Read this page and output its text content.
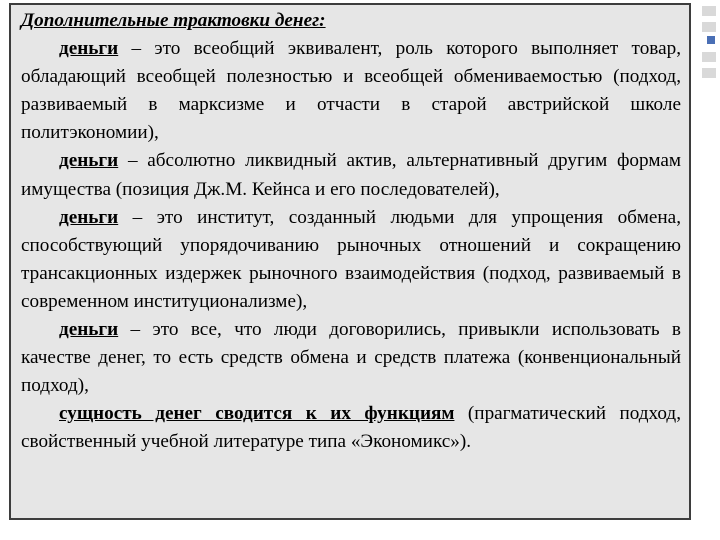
Дополнительные трактовки денег:

деньги – это всеобщий эквивалент, роль которого выполняет товар, обладающий всеобщей полезностью и всеобщей обмениваемостью (подход, развиваемый в марксизме и отчасти в старой австрийской школе политэкономии),

деньги – абсолютно ликвидный актив, альтернативный другим формам имущества (позиция Дж.М. Кейнса и его последователей),

деньги – это институт, созданный людьми для упрощения обмена, способствующий упорядочиванию рыночных отношений и сокращению трансакционных издержек рыночного взаимодействия (подход, развиваемый в современном институционализме),

деньги – это все, что люди договорились, привыкли использовать в качестве денег, то есть средств обмена и средств платежа (конвенциональный подход),

сущность денег сводится к их функциям (прагматический подход, свойственный учебной литературе типа «Экономикс»).
